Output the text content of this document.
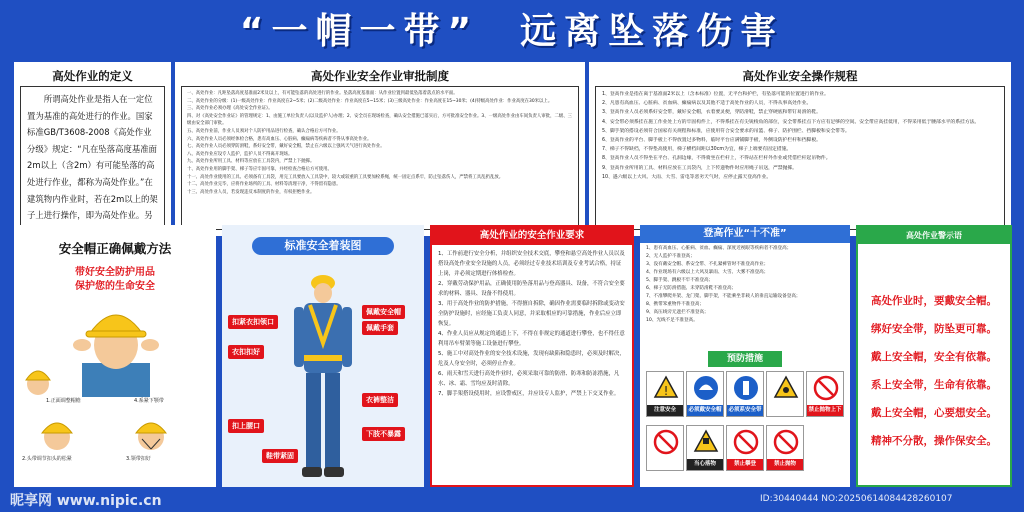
“一帽一带”  远离坠落伤害
高处作业的定义

所谓高处作业是指人在一定位置为基准的高处进行的作业。国家标准GB/T3608-2008《高处作业分级》规定：“凡在坠落高度基准面2m以上（含2m）有可能坠落的高处进行作业，都称为高处作业。”在建筑物内作业时，若在2m以上的架子上进行操作，即为高处作业。另

高处作业安全作业审批制度

一、高处作业：凡距坠落高度基准面2米及以上，有可能坠落的高处进行的作业。坠落高度基准面：从作业位置到最低坠落着落点的水平面。

二、高处作业的分级：(1)一级高处作业：作业高度在2~5米；(2)二级高处作业：作业高度在5~15米；(3)三级高处作业：作业高度在15~30米；(4)特级高处作业：作业高度在30米以上。

三、高处作业必须办理《高处安全作业证》。

四、对《高处安全作业证》的管理规定：1、由施工单位负责人(以及监护人)办理；2、安全员在现场检查，确认安全措施已落实后，方可批准安全作业。3、一级高处作业由车间负责人审批，二级、三级由安全部门审批。

五、高处作业前，作业人员须对个人防护用品进行检查，确认合格后方可作业。

六、高处作业人员必须经体检合格，患有高血压、心脏病、癫痫病等疾病者不得从事高处作业。

七、高处作业人员必须穿防滑鞋，系好安全带，戴好安全帽，禁止在六级以上强风天气进行高处作业。

八、高处作业应设专人监护，监护人员不得离开现场。

九、高处作业所用工具、材料等应放在工具袋内，严禁上下抛掷。

十、高处作业用的脚手架、梯子等应牢固可靠，并经检查合格后方可使用。

十一、高处作业使用的工具、必须备有工具袋，用完工具要放入工具袋中，较大或较重的工具要加栓系绳，统一固定点系牢，防止坠落伤人，严禁将工具乱扔乱放。

十二、高处作业完毕，应将作业场所的工具、材料等清理干净，不得留有隐患。

十三、高处作业人员，若发现违反本制度的作业，有权拒绝作业。

高处作业安全操作规程

1、登高作业是指在离于基准面2米以上（含本标准）位置，无平台和护栏，有坠落可能的位置进行的作业。

2、凡患有高血压、心脏病、贫血病、癫痫病以及其他不适于高处作业的人员，不得从事高处作业。

3、登高作业人员必须系好安全带，戴好安全帽，衣着要灵便，穿防滑鞋，禁止穿硬底和带钉易滑的鞋。

4、安全带必须系挂在施工作业处上方的牢固构件上，不得系挂在有尖锐棱角的部位，安全带系挂点下方应有足够的空间。安全带应高挂低用，不得采用低于腰部水平的系挂方法。

5、脚手架的搭设必须符合国家有关规程和标准，应使用符合安全要求的吊篮、梯子、防护围栏、挡脚板和安全带等。

6、登高作业的平台、脚手板上不得放置过多物料，临时平台应满铺脚手板，外侧设防护栏杆和挡脚板。

7、梯子不得缺档，不得垫高使用，梯子横档间距以30cm为宜，梯子上端要有固定措施。

8、登高作业人员不得坐在平台、孔洞边缘，不得骑坐在栏杆上，不得站在栏杆外作业或凭借栏杆起吊物件。

9、登高作业所用的工具、材料应放在工具袋内，上下传递物件时应用绳子吊送，严禁抛掷。

10、遇六级以上大风、大雨、大雪、雷电等恶劣天气时，应停止露天登高作业。

安全帽正确佩戴方法
带好安全防护用品
保护您的生命安全
1.正面调整帽檐
2.头带调节扣头的松紧	3.领带扣好
4.系紧下颚带
标准安全着装图
扣紧衣扣领口
衣扣扣好
扣上腰口
佩戴安全帽
佩戴手套
衣裤整洁
下肢不暴露
鞋带紧固
高处作业的安全作业要求

1、工作前进行安全分析，并组织安全技术交底，攀登和悬空高处作业人员以及搭设高处作业安全设施的人员，必须经过专业技术培训及专业考试合格，持证上岗，并必须定期进行体格检查。

2、穿戴劳动保护用品，正确使用防坠落用品与登高器具、设备，不符合安全要求的材料、器具、设备不得使用。

3、用于高处作业的防护措施，不得擅自拆除，确因作业需要临时拆除或变动安全防护设施时，应经施工负责人同意，并采取相应的可靠措施，作业后应立即恢复。

4、作业人员应从规定的通道上下，不得在非规定的通道进行攀登，也不得任意利用吊车臂架等施工设备进行攀登。

5、施工中对高处作业的安全技术设施，发现有缺陷和隐患时，必须及时解决，危及人身安全时，必须停止作业。

6、雨天和雪天进行高处作业时，必须采取可靠的防滑、防寒和防冻措施，凡水、冰、霜、雪均应及时清除。

7、脚手架搭设使用时，应设警戒区，并应设专人监护，严禁上下交叉作业。

登高作业“十不准”

1、患有高血压、心脏病、贫血、癫痫、深度近视眼等疾病者不准登高；

2、无人监护不准登高；

3、没有戴安全帽、系安全带、不扎紧裤管时不准登高作业；

4、作业现场有六级以上大风及暴雨、大雪、大雾不准登高；

5、脚手架、跳板不牢不准登高；

6、梯子无防滑措施、未穿防滑鞋不准登高；

7、不准攀爬井架、龙门架、脚手架，不能乘坐非载人的垂直运输设备登高；

8、携带笨重物件不准登高；

9、高压线旁无遮拦不准登高；

10、光线不足不准登高。

预防措施
!
注意安全	必须戴安全帽 必须系安全带	禁止抛物上下
当心落物	禁止攀登	禁止抛物
高处作业警示语
高处作业时，要戴安全帽。
绑好安全带，防坠更可靠。
戴上安全帽，安全有依靠。
系上安全带，生命有依靠。
戴上安全帽，心要想安全。
精神不分散，操作保安全。
昵享网 www.nipic.cn	ID:30440444 NO:20250614084428260107
